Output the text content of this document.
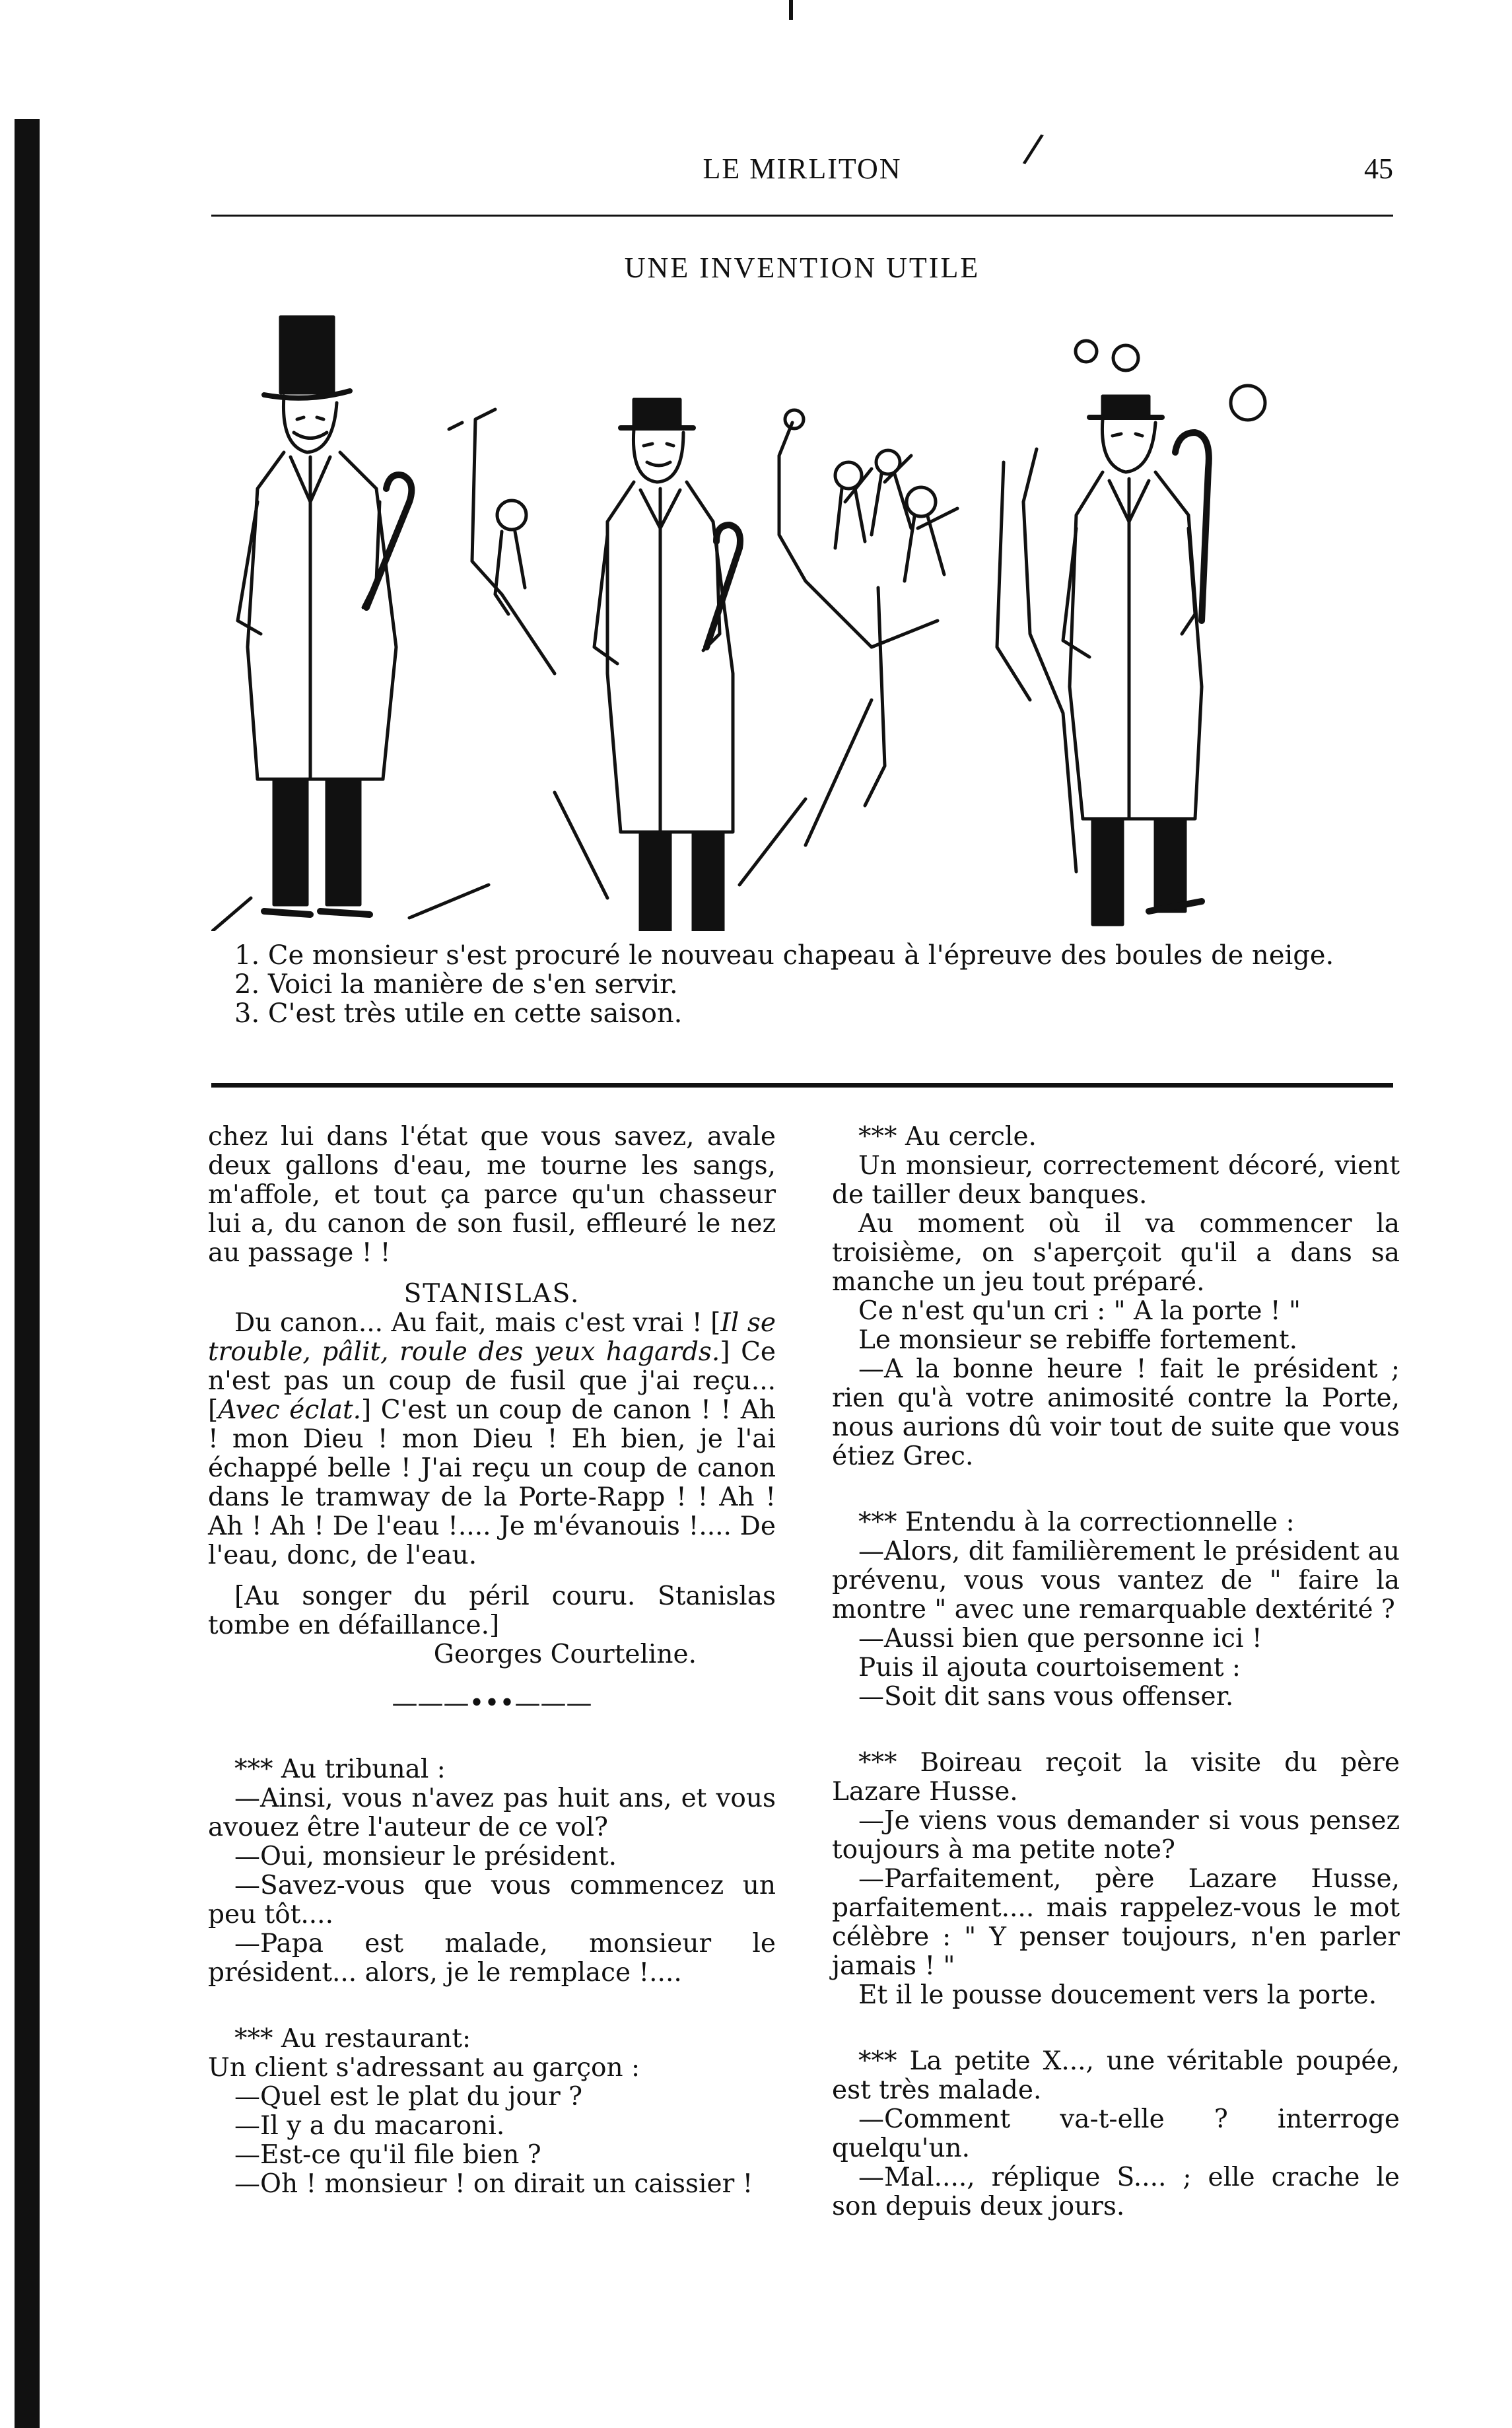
/
LE MIRLITON	45
UNE INVENTION UTILE

1. Ce monsieur s'est procuré le nouveau chapeau à l'épreuve des boules de neige.

2. Voici la manière de s'en servir.

3. C'est très utile en cette saison.

chez lui dans l'état que vous savez, avale deux gallons d'eau, me tourne les sangs, m'affole, et tout ça parce qu'un chasseur lui a, du canon de son fusil, effleuré le nez au passage ! !

STANISLAS.

Du canon... Au fait, mais c'est vrai ! [Il se trouble, pâlit, roule des yeux hagards.] Ce n'est pas un coup de fusil que j'ai reçu... [Avec éclat.] C'est un coup de canon ! ! Ah ! mon Dieu ! mon Dieu ! Eh bien, je l'ai échappé belle ! J'ai reçu un coup de canon dans le tramway de la Porte-Rapp ! ! Ah ! Ah ! Ah ! De l'eau !.... Je m'évanouis !.... De l'eau, donc, de l'eau.

[Au songer du péril couru. Stanislas tombe en défaillance.]

Georges Courteline.

———•••———

*** Au tribunal :

—Ainsi, vous n'avez pas huit ans, et vous avouez être l'auteur de ce vol?

—Oui, monsieur le président.

—Savez-vous que vous commencez un peu tôt....

—Papa est malade, monsieur le président... alors, je le remplace !....

*** Au restaurant:

Un client s'adressant au garçon :

—Quel est le plat du jour ?

—Il y a du macaroni.

—Est-ce qu'il file bien ?

—Oh ! monsieur ! on dirait un caissier !

*** Au cercle.

Un monsieur, correctement décoré, vient de tailler deux banques.

Au moment où il va commencer la troisième, on s'aperçoit qu'il a dans sa manche un jeu tout préparé.

Ce n'est qu'un cri : " A la porte ! "

Le monsieur se rebiffe fortement.

—A la bonne heure ! fait le président ; rien qu'à votre animosité contre la Porte, nous aurions dû voir tout de suite que vous étiez Grec.

*** Entendu à la correctionnelle :

—Alors, dit familièrement le président au prévenu, vous vous vantez de " faire la montre " avec une remarquable dextérité ?

—Aussi bien que personne ici !

Puis il ajouta courtoisement :

—Soit dit sans vous offenser.

*** Boireau reçoit la visite du père Lazare Husse.

—Je viens vous demander si vous pensez toujours à ma petite note?

—Parfaitement, père Lazare Husse, parfaitement.... mais rappelez-vous le mot célèbre : " Y penser toujours, n'en parler jamais ! "

Et il le pousse doucement vers la porte.

*** La petite X..., une véritable poupée, est très malade.

—Comment va-t-elle ? interroge quelqu'un.

—Mal...., réplique S.... ; elle crache le son depuis deux jours.
